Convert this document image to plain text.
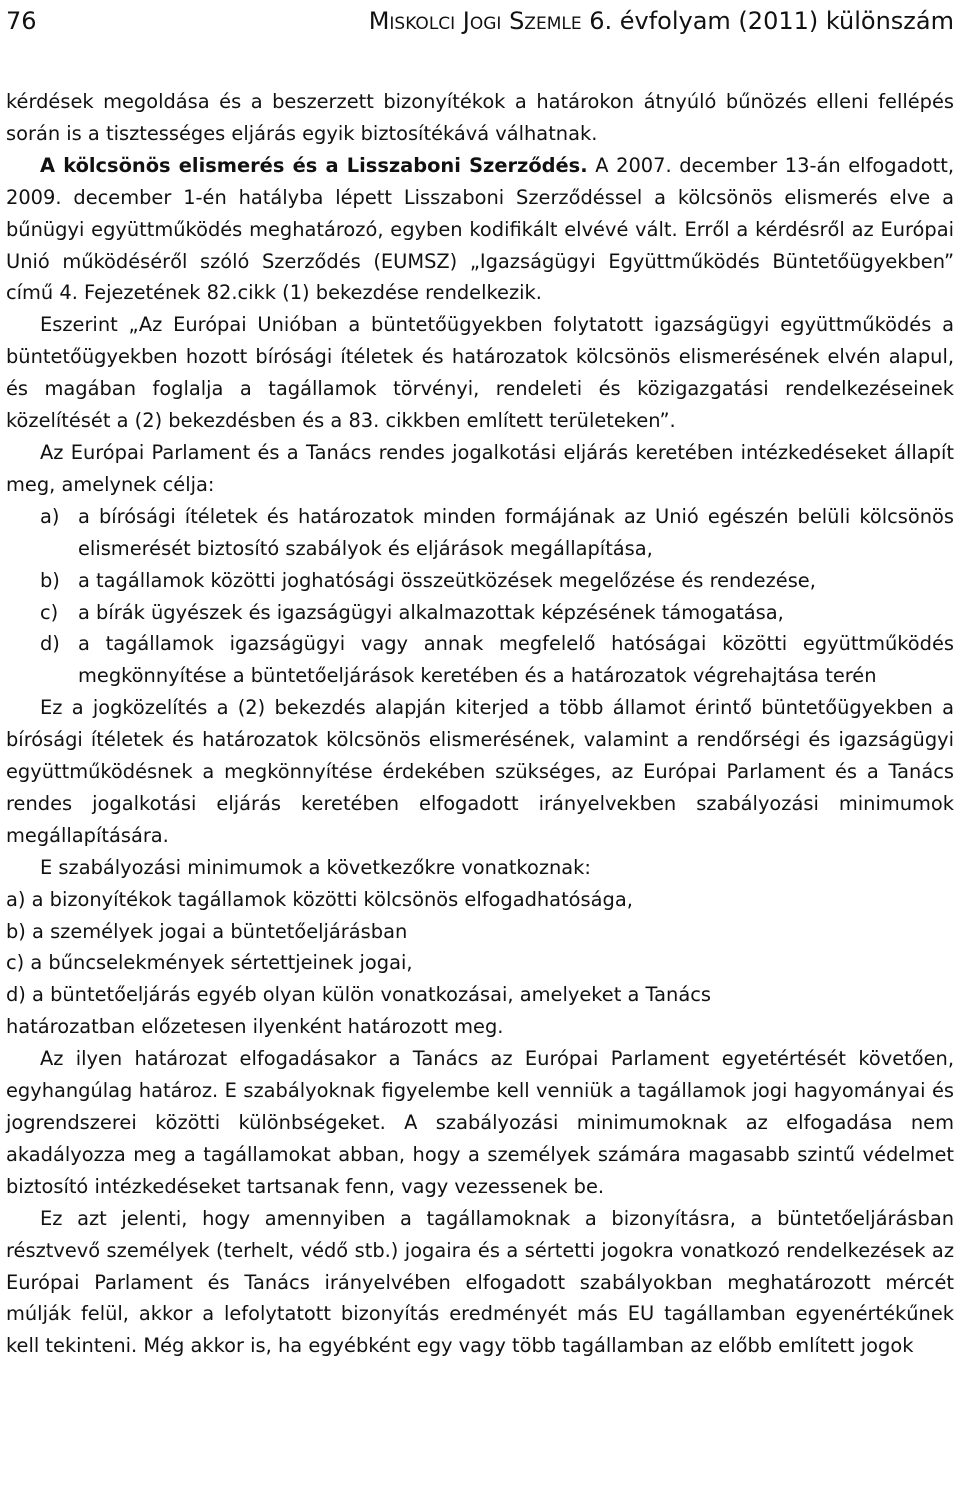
76	Miskolci Jogi Szemle 6. évfolyam (2011) különszám

kérdések megoldása és a beszerzett bizonyítékok a határokon átnyúló bűnözés elleni fellépés során is a tisztességes eljárás egyik biztosítékává válhatnak.

A kölcsönös elismerés és a Lisszaboni Szerződés. A 2007. december 13-án elfogadott, 2009. december 1-én hatályba lépett Lisszaboni Szerződéssel a kölcsönös elismerés elve a bűnügyi együttműködés meghatározó, egyben kodifikált elvévé vált. Erről a kérdésről az Európai Unió működéséről szóló Szerződés (EUMSZ) „Igazságügyi Együttműködés Büntetőügyekben” című 4. Fejezetének 82.cikk (1) bekezdése rendelkezik.

Eszerint „Az Európai Unióban a büntetőügyekben folytatott igazságügyi együttműködés a büntetőügyekben hozott bírósági ítéletek és határozatok kölcsönös elismerésének elvén alapul, és magában foglalja a tagállamok törvényi, rendeleti és közigazgatási rendelkezéseinek közelítését a (2) bekezdésben és a 83. cikkben említett területeken”.

Az Európai Parlament és a Tanács rendes jogalkotási eljárás keretében intézkedéseket állapít meg, amelynek célja:

a) a bírósági ítéletek és határozatok minden formájának az Unió egészén belüli kölcsönös elismerését biztosító szabályok és eljárások megállapítása,
b) a tagállamok közötti joghatósági összeütközések megelőzése és rendezése,
c)	a bírák ügyészek és igazságügyi alkalmazottak képzésének támogatása,
d) a tagállamok igazságügyi vagy annak megfelelő hatóságai közötti együttműködés megkönnyítése a büntetőeljárások keretében és a határozatok végrehajtása terén

Ez a jogközelítés a (2) bekezdés alapján kiterjed a több államot érintő büntetőügyekben a bírósági ítéletek és határozatok kölcsönös elismerésének, valamint a rendőrségi és igazságügyi együttműködésnek a megkönnyítése érdekében szükséges, az Európai Parlament és a Tanács rendes jogalkotási eljárás keretében elfogadott irányelvekben szabályozási minimumok megállapítására.

E szabályozási minimumok a következőkre vonatkoznak:

a) a bizonyítékok tagállamok közötti kölcsönös elfogadhatósága,

b) a személyek jogai a büntetőeljárásban

c) a bűncselekmények sértettjeinek jogai,

d) a büntetőeljárás egyéb olyan külön vonatkozásai, amelyeket a Tanács

határozatban előzetesen ilyenként határozott meg.

Az ilyen határozat elfogadásakor a Tanács az Európai Parlament egyetértését követően, egyhangúlag határoz. E szabályoknak figyelembe kell venniük a tagállamok jogi hagyományai és jogrendszerei közötti különbségeket. A szabályozási minimumoknak az elfogadása nem akadályozza meg a tagállamokat abban, hogy a személyek számára magasabb szintű védelmet biztosító intézkedéseket tartsanak fenn, vagy vezessenek be.

Ez azt jelenti, hogy amennyiben a tagállamoknak a bizonyításra, a büntetőeljárásban résztvevő személyek (terhelt, védő stb.) jogaira és a sértetti jogokra vonatkozó rendelkezések az Európai Parlament és Tanács irányelvében elfogadott szabályokban meghatározott mércét múlják felül, akkor a lefolytatott bizonyítás eredményét más EU tagállamban egyenértékűnek kell tekinteni. Még akkor is, ha egyébként egy vagy több tagállamban az előbb említett jogok
